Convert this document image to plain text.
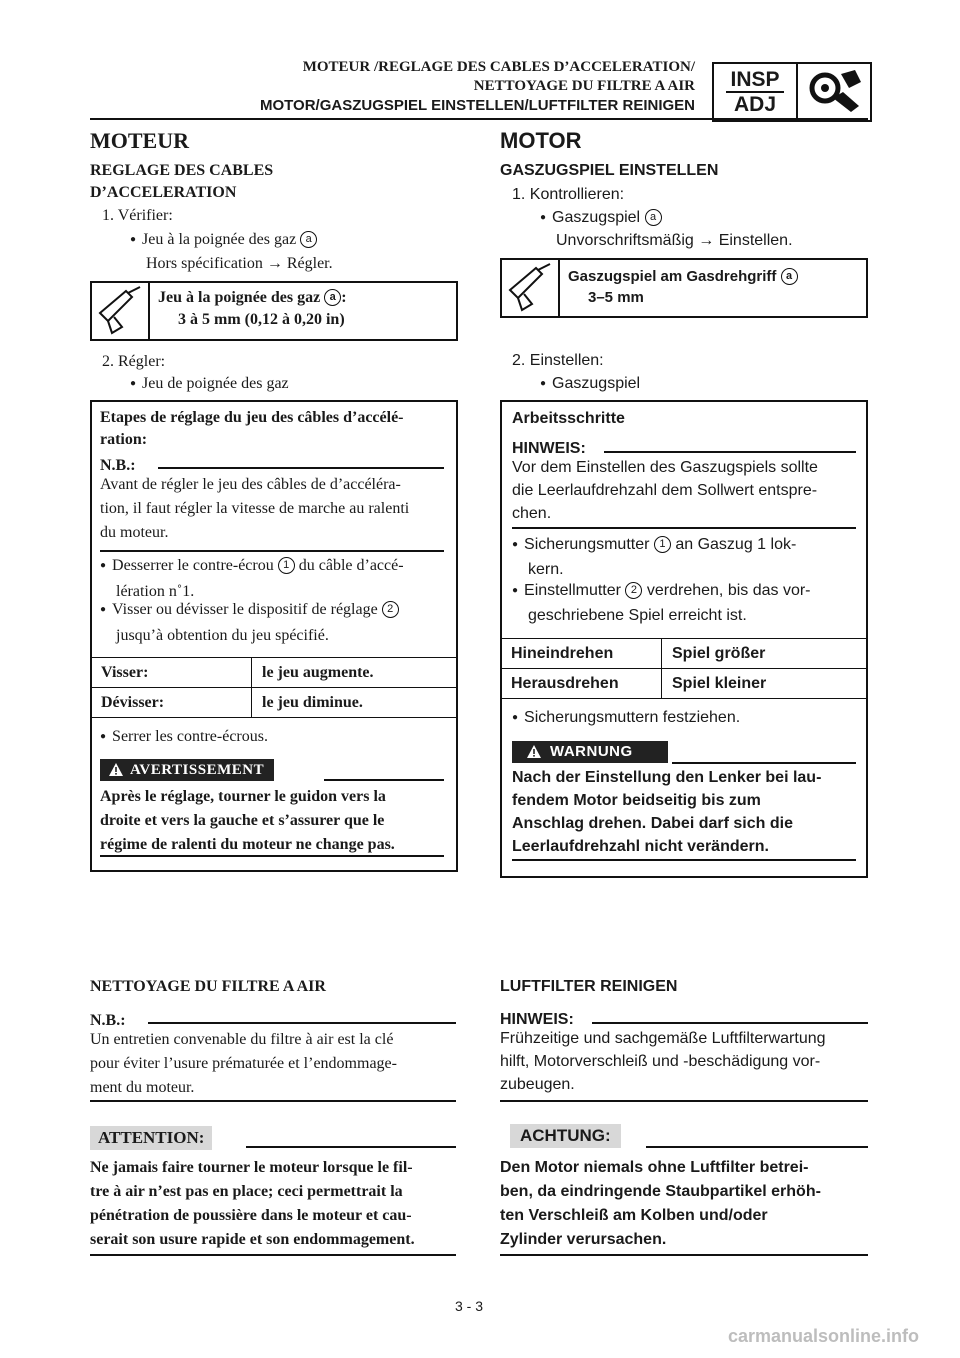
MOTEUR /REGLAGE DES CABLES D’ACCELERATION/
NETTOYAGE DU FILTRE A AIR
MOTOR/GASZUGSPIEL EINSTELLEN/LUFTFILTER REINIGEN
INSP
ADJ
MOTEUR
REGLAGE DES CABLES
D’ACCELERATION
1. Vérifier:
● Jeu à la poignée des gaz a
Hors spécification → Régler.
Jeu à la poignée des gaz a :
3 à 5 mm (0,12 à 0,20 in)
2. Régler:
● Jeu de poignée des gaz
Etapes de réglage du jeu des câbles d’accélé-
ration:
N.B.:
Avant de régler le jeu des câbles de d’accéléra-
tion, il faut régler la vitesse de marche au ralenti
du moteur.
● Desserrer le contre-écrou 1 du câble d’accé-
lération n˚1.
● Visser ou dévisser le dispositif de réglage 2
jusqu’à obtention du jeu spécifié.
Visser:	le jeu augmente.
Dévisser:	le jeu diminue.
● Serrer les contre-écrous.
AVERTISSEMENT
Après le réglage, tourner le guidon vers la
droite et vers la gauche et s’assurer que le
régime de ralenti du moteur ne change pas.
NETTOYAGE DU FILTRE A AIR
N.B.:
Un entretien convenable du filtre à air est la clé
pour éviter l’usure prématurée et l’endommage-
ment du moteur.
ATTENTION:
Ne jamais faire tourner le moteur lorsque le fil-
tre à air n’est pas en place; ceci permettrait la
pénétration de poussière dans le moteur et cau-
serait son usure rapide et son endommagement.
MOTOR
GASZUGSPIEL EINSTELLEN
1. Kontrollieren:
● Gaszugspiel a
Unvorschriftsmäßig → Einstellen.
Gaszugspiel am Gasdrehgriff a
3–5 mm
2. Einstellen:
● Gaszugspiel
Arbeitsschritte
HINWEIS:
Vor dem Einstellen des Gaszugspiels sollte
die Leerlaufdrehzahl dem Sollwert entspre-
chen.
● Sicherungsmutter 1 an Gaszug 1 lok-
kern.
● Einstellmutter 2 verdrehen, bis das vor-
geschriebene Spiel erreicht ist.
Hineindrehen	Spiel größer
Herausdrehen	Spiel kleiner
● Sicherungsmuttern festziehen.
WARNUNG
Nach der Einstellung den Lenker bei lau-
fendem Motor beidseitig bis zum
Anschlag drehen. Dabei darf sich die
Leerlaufdrehzahl nicht verändern.
LUFTFILTER REINIGEN
HINWEIS:
Frühzeitige und sachgemäße Luftfilterwartung
hilft, Motorverschleiß und -beschädigung vor-
zubeugen.
ACHTUNG:
Den Motor niemals ohne Luftfilter betrei-
ben, da eindringende Staubpartikel erhöh-
ten Verschleiß am Kolben und/oder
Zylinder verursachen.
3 - 3
carmanualsonline.info
